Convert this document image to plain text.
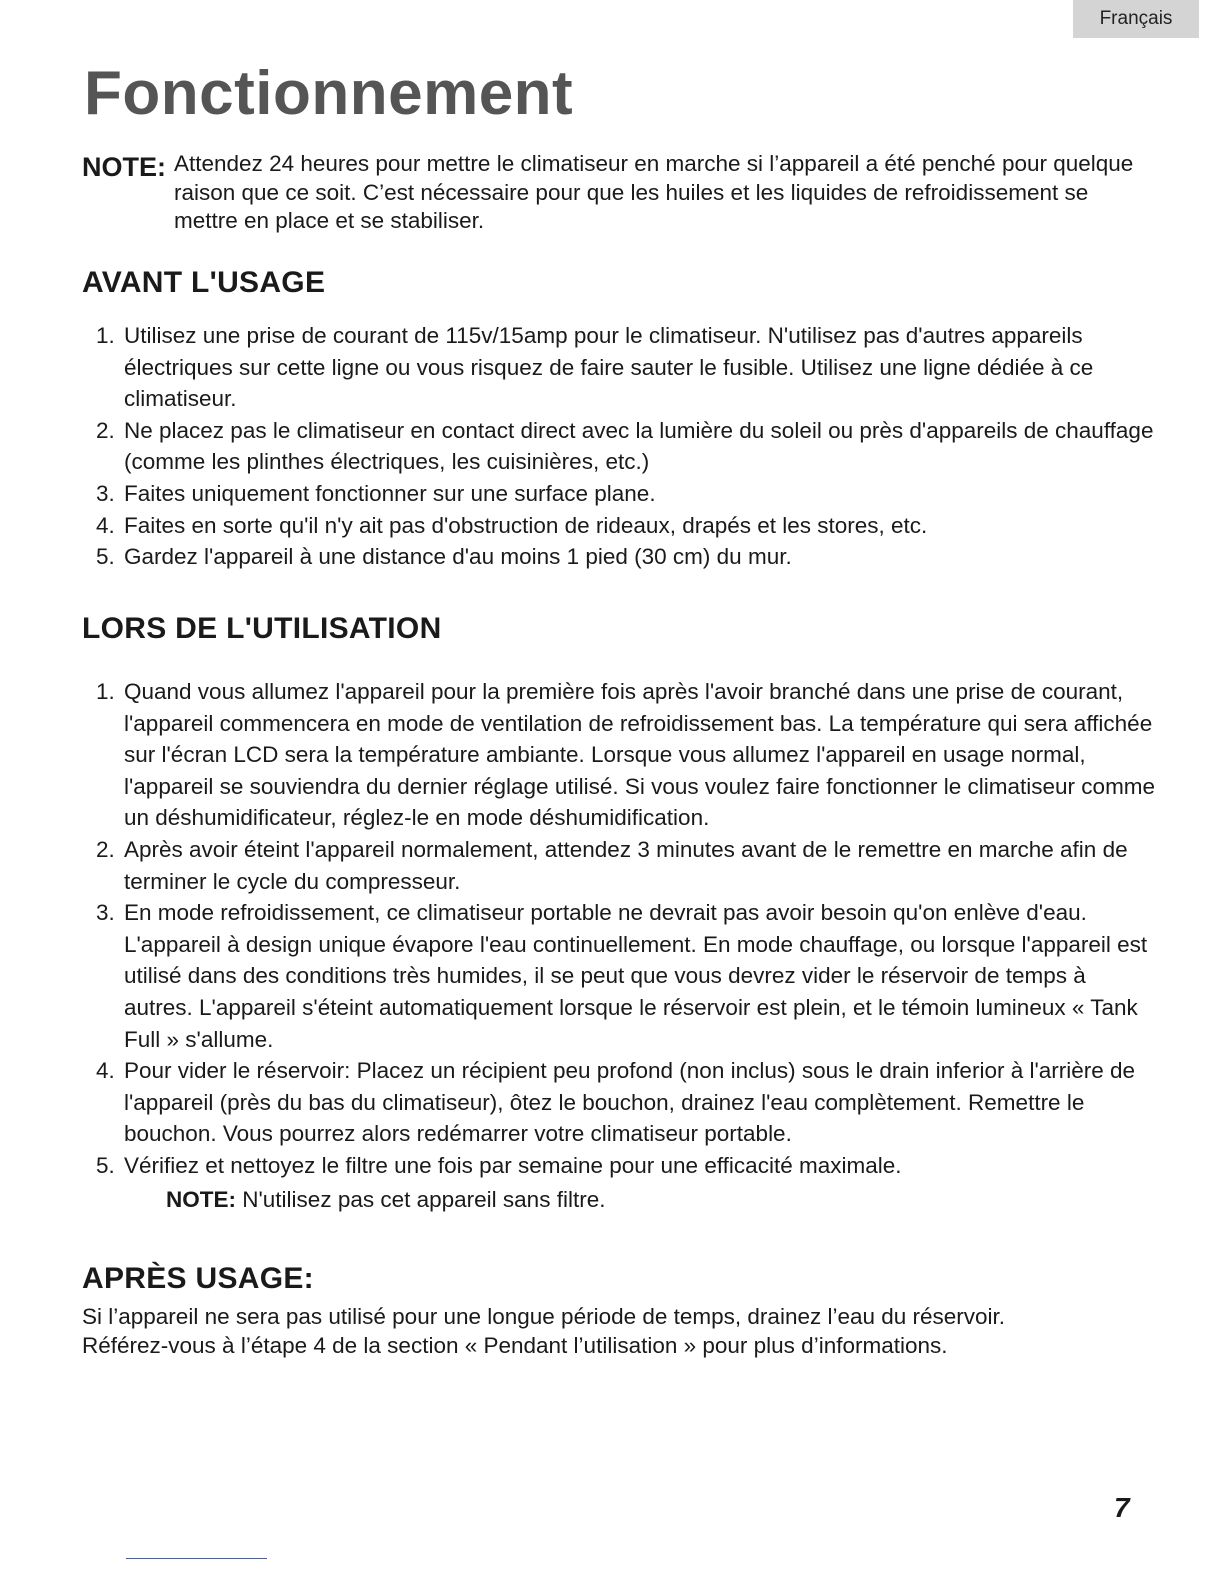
Français
Fonctionnement
NOTE: Attendez 24 heures pour mettre le climatiseur en marche si l’appareil a été penché pour quelque raison que ce soit. C’est nécessaire pour que les huiles et les liquides de refroidissement se mettre en place et se stabiliser.

AVANT L'USAGE
1. Utilisez une prise de courant de 115v/15amp pour le climatiseur. N'utilisez pas d'autres appareils électriques sur cette ligne ou vous risquez de faire sauter le fusible. Utilisez une ligne dédiée à ce climatiseur.
2. Ne placez pas le climatiseur en contact direct avec la lumière du soleil ou près d'appareils de chauffage (comme les plinthes électriques, les cuisinières, etc.)
3. Faites uniquement fonctionner sur une surface plane.
4. Faites en sorte qu'il n'y ait pas d'obstruction de rideaux, drapés et les stores, etc.
5. Gardez l'appareil à une distance d'au moins 1 pied (30 cm) du mur.
LORS DE L'UTILISATION
1. Quand vous allumez l'appareil pour la première fois après l'avoir branché dans une prise de courant, l'appareil commencera en mode de ventilation de refroidissement bas. La température qui sera affichée sur l'écran LCD sera la température ambiante. Lorsque vous allumez l'appareil en usage normal, l'appareil se souviendra du dernier réglage utilisé. Si vous voulez faire fonctionner le climatiseur comme un déshumidificateur, réglez-le en mode déshumidification.
2. Après avoir éteint l'appareil normalement, attendez 3 minutes avant de le remettre en marche afin de terminer le cycle du compresseur.
3. En mode refroidissement, ce climatiseur portable ne devrait pas avoir besoin qu'on enlève d'eau. L'appareil à design unique évapore l'eau continuellement. En mode chauffage, ou lorsque l'appareil est utilisé dans des conditions très humides, il se peut que vous devrez vider le réservoir de temps à autres. L'appareil s'éteint automatiquement lorsque le réservoir est plein, et le témoin lumineux « Tank Full » s'allume.
4. Pour vider le réservoir: Placez un récipient peu profond (non inclus) sous le drain inferior à l'arrière de l'appareil (près du bas du climatiseur), ôtez le bouchon, drainez l'eau complètement. Remettre le bouchon. Vous pourrez alors redémarrer votre climatiseur portable.
5. Vérifiez et nettoyez le filtre une fois par semaine pour une efficacité maximale.
NOTE: N'utilisez pas cet appareil sans filtre.
APRÈS USAGE:

Si l’appareil ne sera pas utilisé pour une longue période de temps, drainez l’eau du réservoir.
Référez-vous à l’étape 4 de la section « Pendant l’utilisation » pour plus d’informations.

7
